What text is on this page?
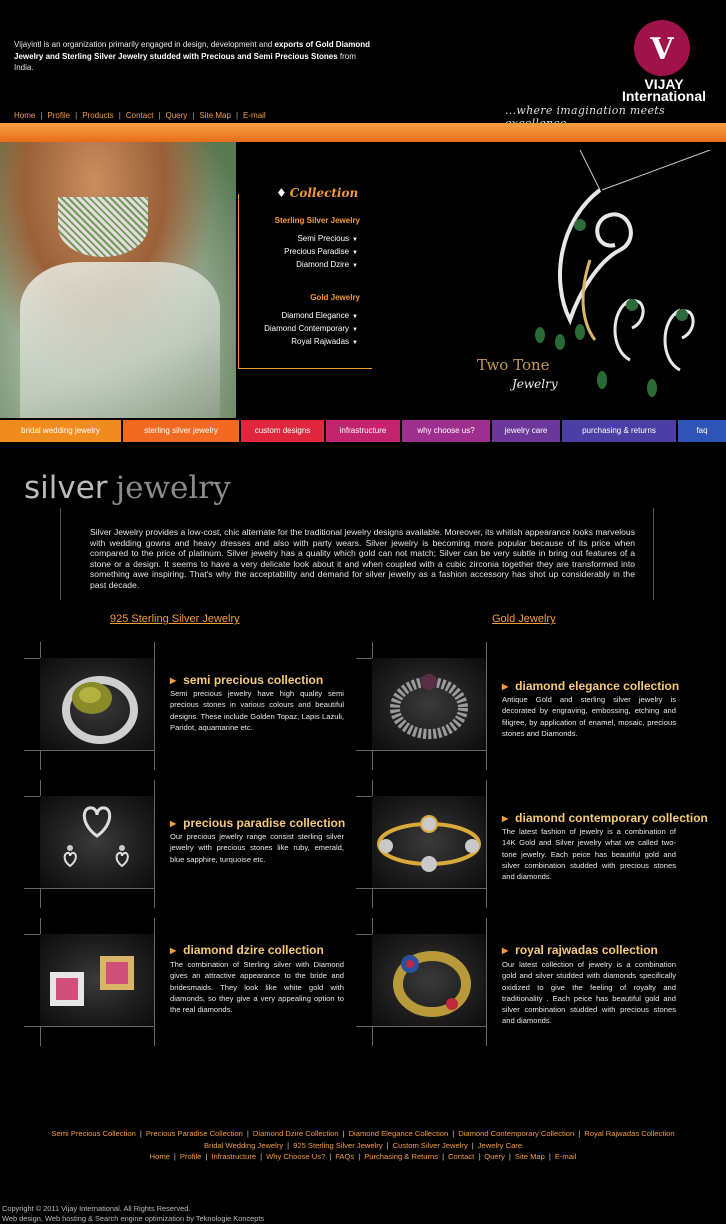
Vijayintl is an organization primarily engaged in design, development and exports of Gold Diamond Jewelry and Sterling Silver Jewelry studded with Precious and Semi Precious Stones from India.
Home | Profile | Products | Contact | Query | Site Map | E-mail
V
VIJAY
International
...where imagination meets
Sterling Silver Jewelry
Semi Precious ▼
Precious Paradise ▼
Diamond Dzire ▼
Gold Jewelry
Diamond Elegance ▼
Diamond Contemporary ▼
Royal Rajwadas ▼
Two Tone
Jewelry
♦ Collection
bridal wedding jewelry	sterling silver jewelry	custom designs	infrastructure	why choose us?	jewelry care	purchasing & returns	faq
silver jewelry
Silver Jewelry provides a low-cost, chic alternate for the traditional jewelry designs available. Moreover, its whitish appearance looks marvelous with wedding gowns and heavy dresses and also with party wears. Silver jewelry is becoming more popular because of its price when compared to the price of platinum. Silver jewelry has a quality which gold can not match; Silver can be very subtle in bring out features of a stone or a design. It seems to have a very delicate look about it and when coupled with a cubic zirconia together they are transformed into something awe inspiring. That's why the acceptability and demand for silver jewelry as a fashion accessory has shot up considerably in the past decade.
925 Sterling Silver Jewelry	Gold Jewelry
▶ semi precious collection
Semi precious jewelry have high quality semi precious stones in various colours and beautiful designs. These include Golden Topaz, Lapis Lazuli, Paridot, aquamarine etc.
▶ precious paradise collection
Our precious jewelry range consist sterling silver jewelry with precious stones like ruby, emerald, blue sapphire, turquoise etc.
▶ diamond dzire collection
The combination of Sterling silver with Diamond gives an attractive appearance to the bride and bridesmaids. They look like white gold with diamonds, so they give a very appealing option to the real diamonds.
▶ diamond elegance collection
Antique Gold and sterling silver jewelry is decorated by engraving, embossing, etching and filigree, by application of enamel, mosaic, precious stones and Diamonds.
▶ diamond contemporary collection
The latest fashion of jewelry is a combination of 14K Gold and Silver jewelry what we called two-tone jewelry. Each peice has beautiful gold and silver combination studded with precious stones and diamonds.
▶ royal rajwadas collection
Our latest collection of jewelry is a combination gold and silver studded with diamonds specifically oxidized to give the feeling of royalty and traditionality . Each peice has beautiful gold and silver combination studded with precious stones and diamonds.
Semi Precious Collection | Precious Paradise Collection | Diamond Dzire Collection | Diamond Elegance Collection | Diamond Contemporary Collection | Royal Rajwadas Collection
Bridal Wedding Jewelry | 925 Sterling Silver Jewelry | Custom Silver Jewelry | Jewelry Care
Home | Profile | Infrastructure | Why Choose Us? | FAQs | Purchasing & Returns | Contact | Query | Site Map | E-mail
Copyright © 2011 Vijay International. All Rights Reserved.
Web design, Web hosting & Search engine optimization by Teknologie Koncepts
